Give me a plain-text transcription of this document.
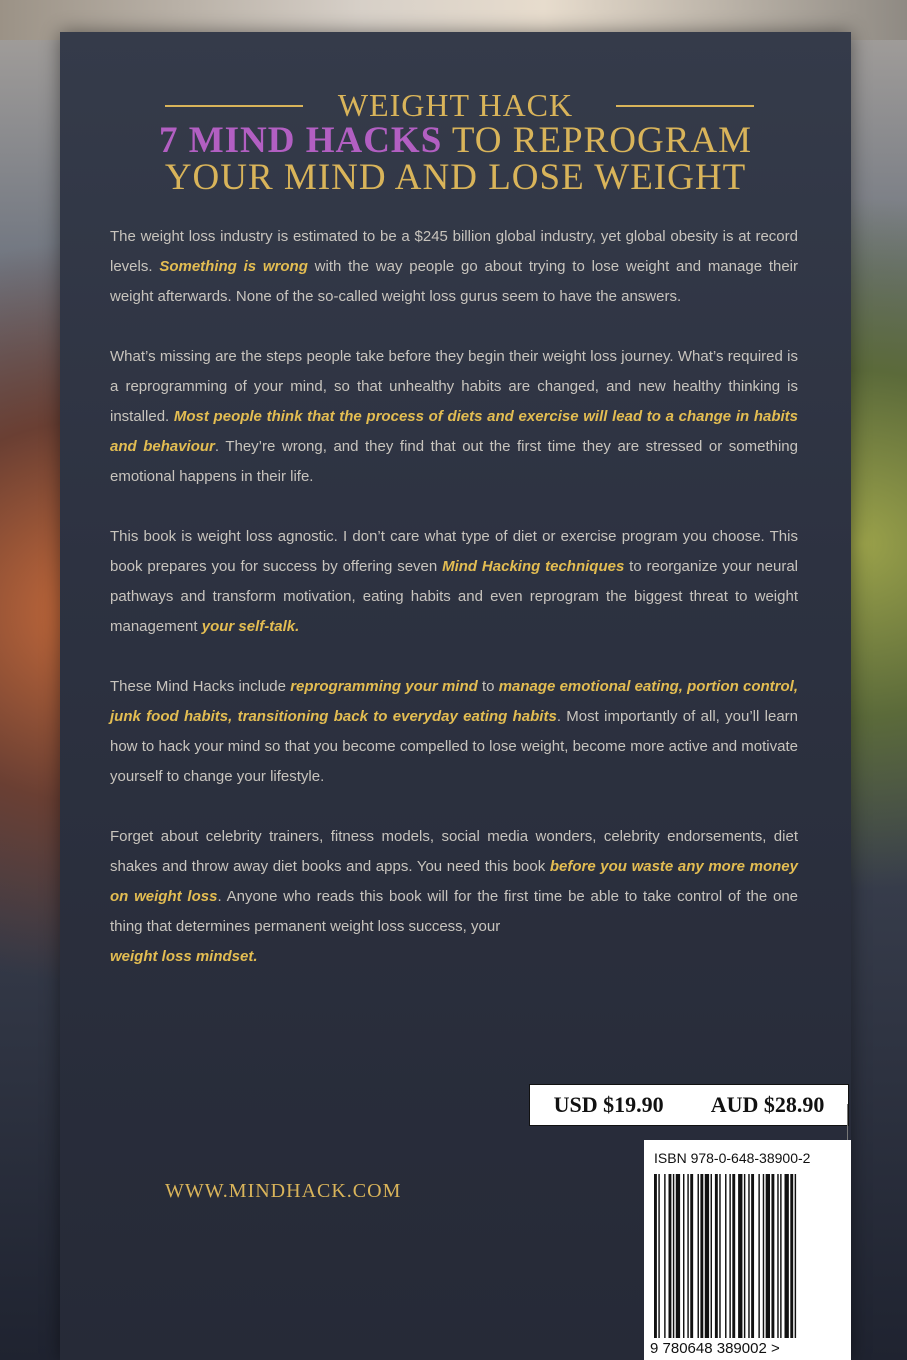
WEIGHT HACK

7 MIND HACKS TO REPROGRAM

YOUR MIND AND LOSE WEIGHT

The weight loss industry is estimated to be a $245 billion global industry, yet global obesity is at record levels. Something is wrong with the way people go about trying to lose weight and manage their weight afterwards. None of the so-called weight loss gurus seem to have the answers.

What’s missing are the steps people take before they begin their weight loss journey. What’s required is a reprogramming of your mind, so that unhealthy habits are changed, and new healthy thinking is installed. Most people think that the process of diets and exercise will lead to a change in habits and behaviour. They’re wrong, and they find that out the first time they are stressed or something emotional happens in their life.

This book is weight loss agnostic. I don’t care what type of diet or exercise program you choose. This book prepares you for success by offering seven Mind Hacking techniques to reorganize your neural pathways and transform motivation, eating habits and even reprogram the biggest threat to weight management your self-talk.

These Mind Hacks include reprogramming your mind to manage emotional eating, portion control, junk food habits, transitioning back to everyday eating habits. Most importantly of all, you’ll learn how to hack your mind so that you become compelled to lose weight, become more active and motivate yourself to change your lifestyle.

Forget about celebrity trainers, fitness models, social media wonders, celebrity endorsements, diet shakes and throw away diet books and apps. You need this book before you waste any more money on weight loss. Anyone who reads this book will for the first time be able to take control of the one thing that determines permanent weight loss success, your
weight loss mindset.

USD $19.90 AUD $28.90
WWW.MINDHACK.COM
ISBN 978-0-648-38900-2
9 780648 389002 >
